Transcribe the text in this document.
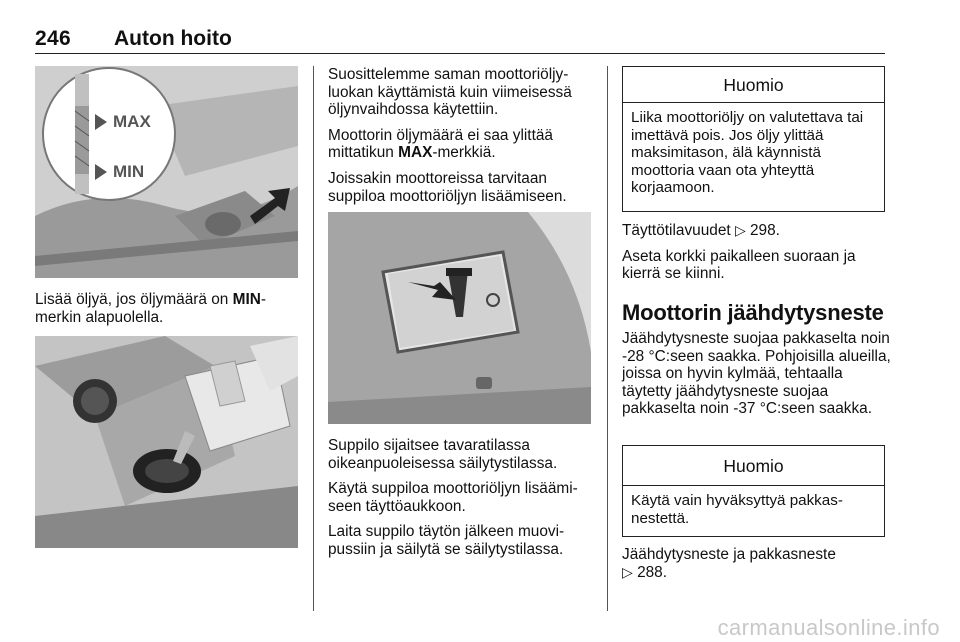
246 Auton hoito
MAX
MIN
Lisää öljyä, jos öljymäärä on MIN-merkin alapuolella.

Suosittelemme saman moottoriöljy-luokan käyttämistä kuin viimeisessä öljynvaihdossa käytettiin.

Moottorin öljymäärä ei saa ylittää mittatikun MAX-merkkiä.

Joissakin moottoreissa tarvitaan suppiloa moottoriöljyn lisäämiseen.

Suppilo sijaitsee tavaratilassa oikeanpuoleisessa säilytystilassa.

Käytä suppiloa moottoriöljyn lisäämi-seen täyttöaukkoon.

Laita suppilo täytön jälkeen muovi-pussiin ja säilytä se säilytystilassa.

Huomio
Liika moottoriöljy on valutettava tai imettävä pois. Jos öljy ylittää maksimitason, älä käynnistä moottoria vaan ota yhteyttä korjaamoon.

Täyttötilavuudet ▷ 298.

Aseta korkki paikalleen suoraan ja kierrä se kiinni.

Moottorin jäähdytysneste

Jäähdytysneste suojaa pakkaselta noin -28 °C:seen saakka. Pohjoisilla alueilla, joissa on hyvin kylmää, tehtaalla täytetty jäähdytysneste suojaa pakkaselta noin -37 °C:seen saakka.

Huomio
Käytä vain hyväksyttyä pakkas-nestettä.

Jäähdytysneste ja pakkasneste
▷ 288.

carmanualsonline.info
